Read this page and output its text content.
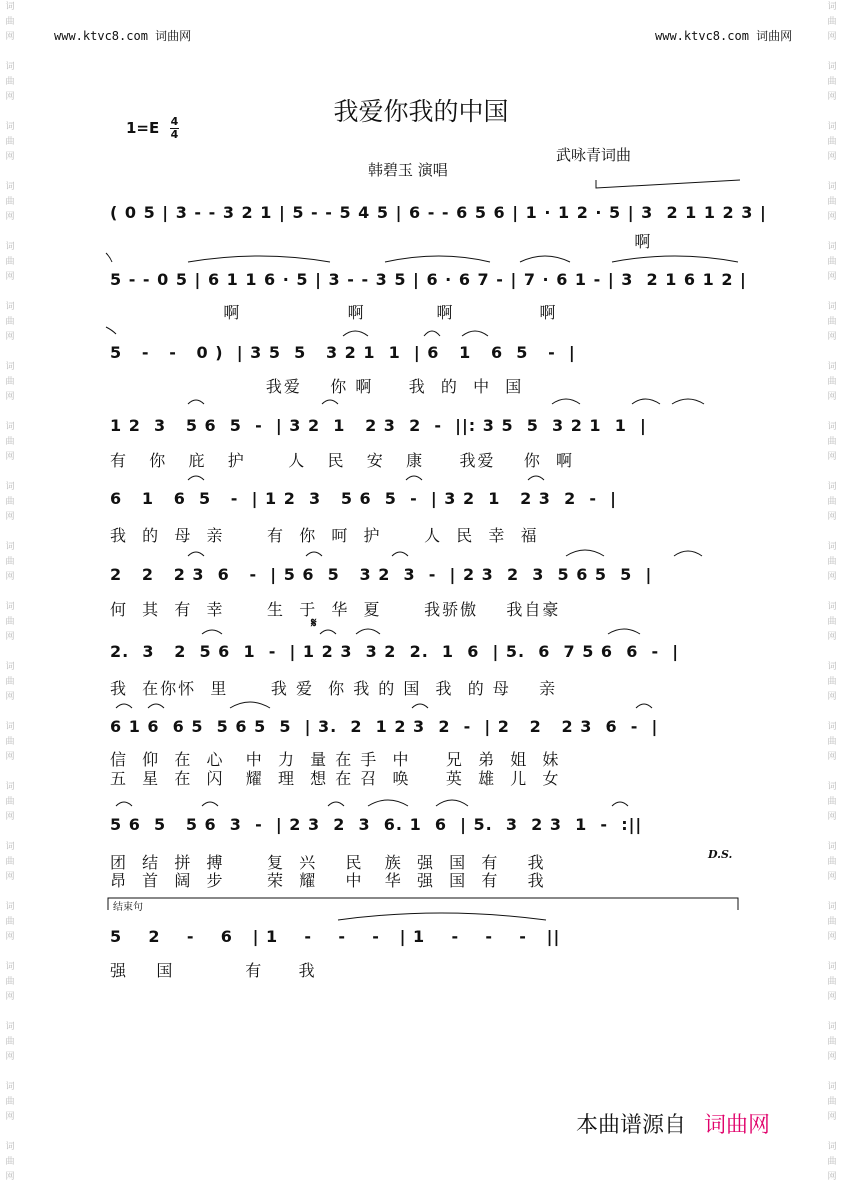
词
曲
网

词
曲
网

词
曲
网

词
曲
网

词
曲
网

词
曲
网

词
曲
网

词
曲
网

词
曲
网

词
曲
网

词
曲
网

词
曲
网

词
曲
网

词
曲
网

词
曲
网

词
曲
网

词
曲
网

词
曲
网

词
曲
网

词
曲
网
词
曲
网

词
曲
网

词
曲
网

词
曲
网

词
曲
网

词
曲
网

词
曲
网

词
曲
网

词
曲
网

词
曲
网

词
曲
网

词
曲
网

词
曲
网

词
曲
网

词
曲
网

词
曲
网

词
曲
网

词
曲
网

词
曲
网

词
曲
网
www.ktvc8.com 词曲网	www.ktvc8.com 词曲网
我爱你我的中国
1=E 4
4
韩碧玉 演唱
武咏青词曲
( 0 5 | 3 - - 3 2 1 | 5 - - 5 4 5 | 6 - - 6 5 6 | 1 · 1 2 · 5 | 3  2 1 1 2 3 |
啊
5 - - 0 5 | 6 1 1 6 · 5 | 3 - - 3 5 | 6 · 6 7 - | 7 · 6 1 - | 3  2 1 6 1 2 |
啊               啊          啊            啊
5   -   -   0 )  | 3 5  5   3 2 1  1  | 6   1   6  5   -  |
我爱    你 啊     我  的  中  国
1 2  3   5 6  5  -  | 3 2  1   2 3  2  -  ||: 3 5  5  3 2 1  1  |
有   你   庇   护      人   民   安   康     我爱    你  啊
6   1   6  5   -  | 1 2  3   5 6  5  -  | 3 2  1   2 3  2  -  |
我  的  母  亲      有  你  呵  护      人  民  幸  福
2   2   2 3  6   -  | 5 6  5   3 2  3  -  | 2 3  2  3  5 6 5  5  |
何  其  有  幸      生  于  华  夏      我骄傲    我自豪
𝄋
2.  3   2  5 6  1  -  | 1 2 3  3 2  2.  1  6  | 5.  6  7 5 6  6  -  |
我  在你怀  里      我 爱  你 我 的 国  我  的 母    亲
6 1 6  6 5  5 6 5  5  | 3.  2  1 2 3  2  -  | 2   2   2 3  6  -  |
信  仰  在  心   中  力  量 在 手  中     兄  弟  姐  妹
五  星  在  闪   耀  理  想 在 召  唤     英  雄  儿  女
5 6  5   5 6  3  -  | 2 3  2  3  6. 1  6  | 5.  3  2 3  1  -  :||
团  结  拼  搏      复  兴    民   族  强  国  有    我
昂  首  阔  步      荣  耀    中   华  强  国  有    我
D.S.
结束句
5    2    -    6   | 1    -    -    -   | 1    -    -    -   ||
强    国          有     我
本曲谱源自 词曲网
